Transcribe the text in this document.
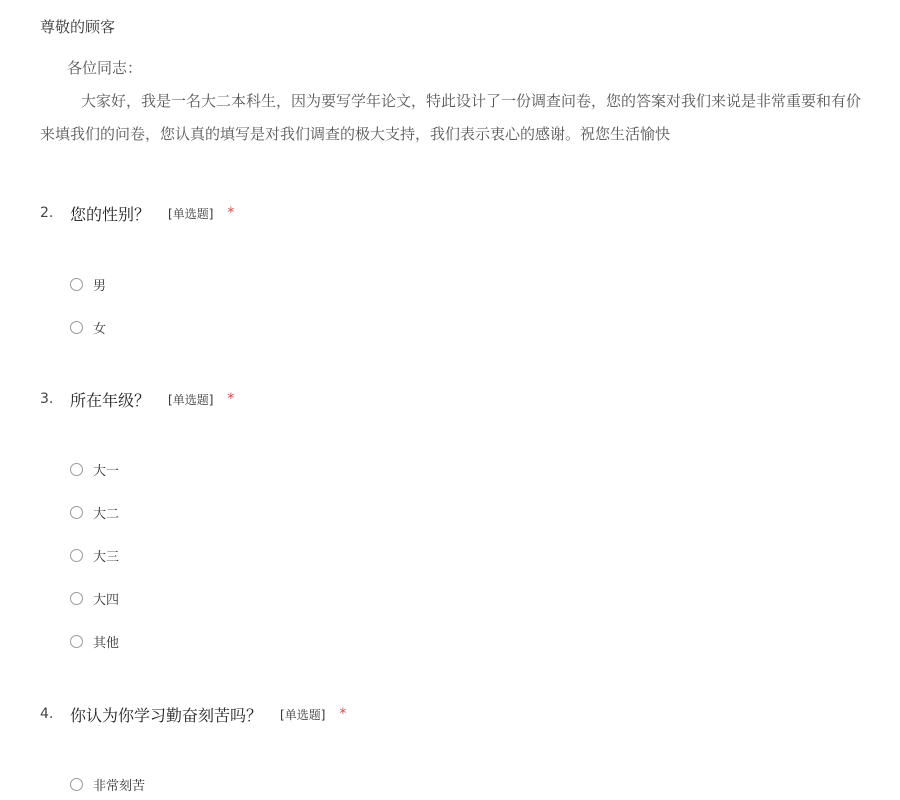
尊敬的顾客
各位同志：
大家好，我是一名大二本科生，因为要写学年论文，特此设计了一份调查问卷，您的答案对我们来说是非常重要和有价
来填我们的问卷，您认真的填写是对我们调查的极大支持，我们表示衷心的感谢。祝您生活愉快
2.	您的性别？ [单选题] *
男
女
3.	所在年级？ [单选题] *
大一
大二
大三
大四
其他
4.	你认为你学习勤奋刻苦吗？ [单选题] *
非常刻苦
